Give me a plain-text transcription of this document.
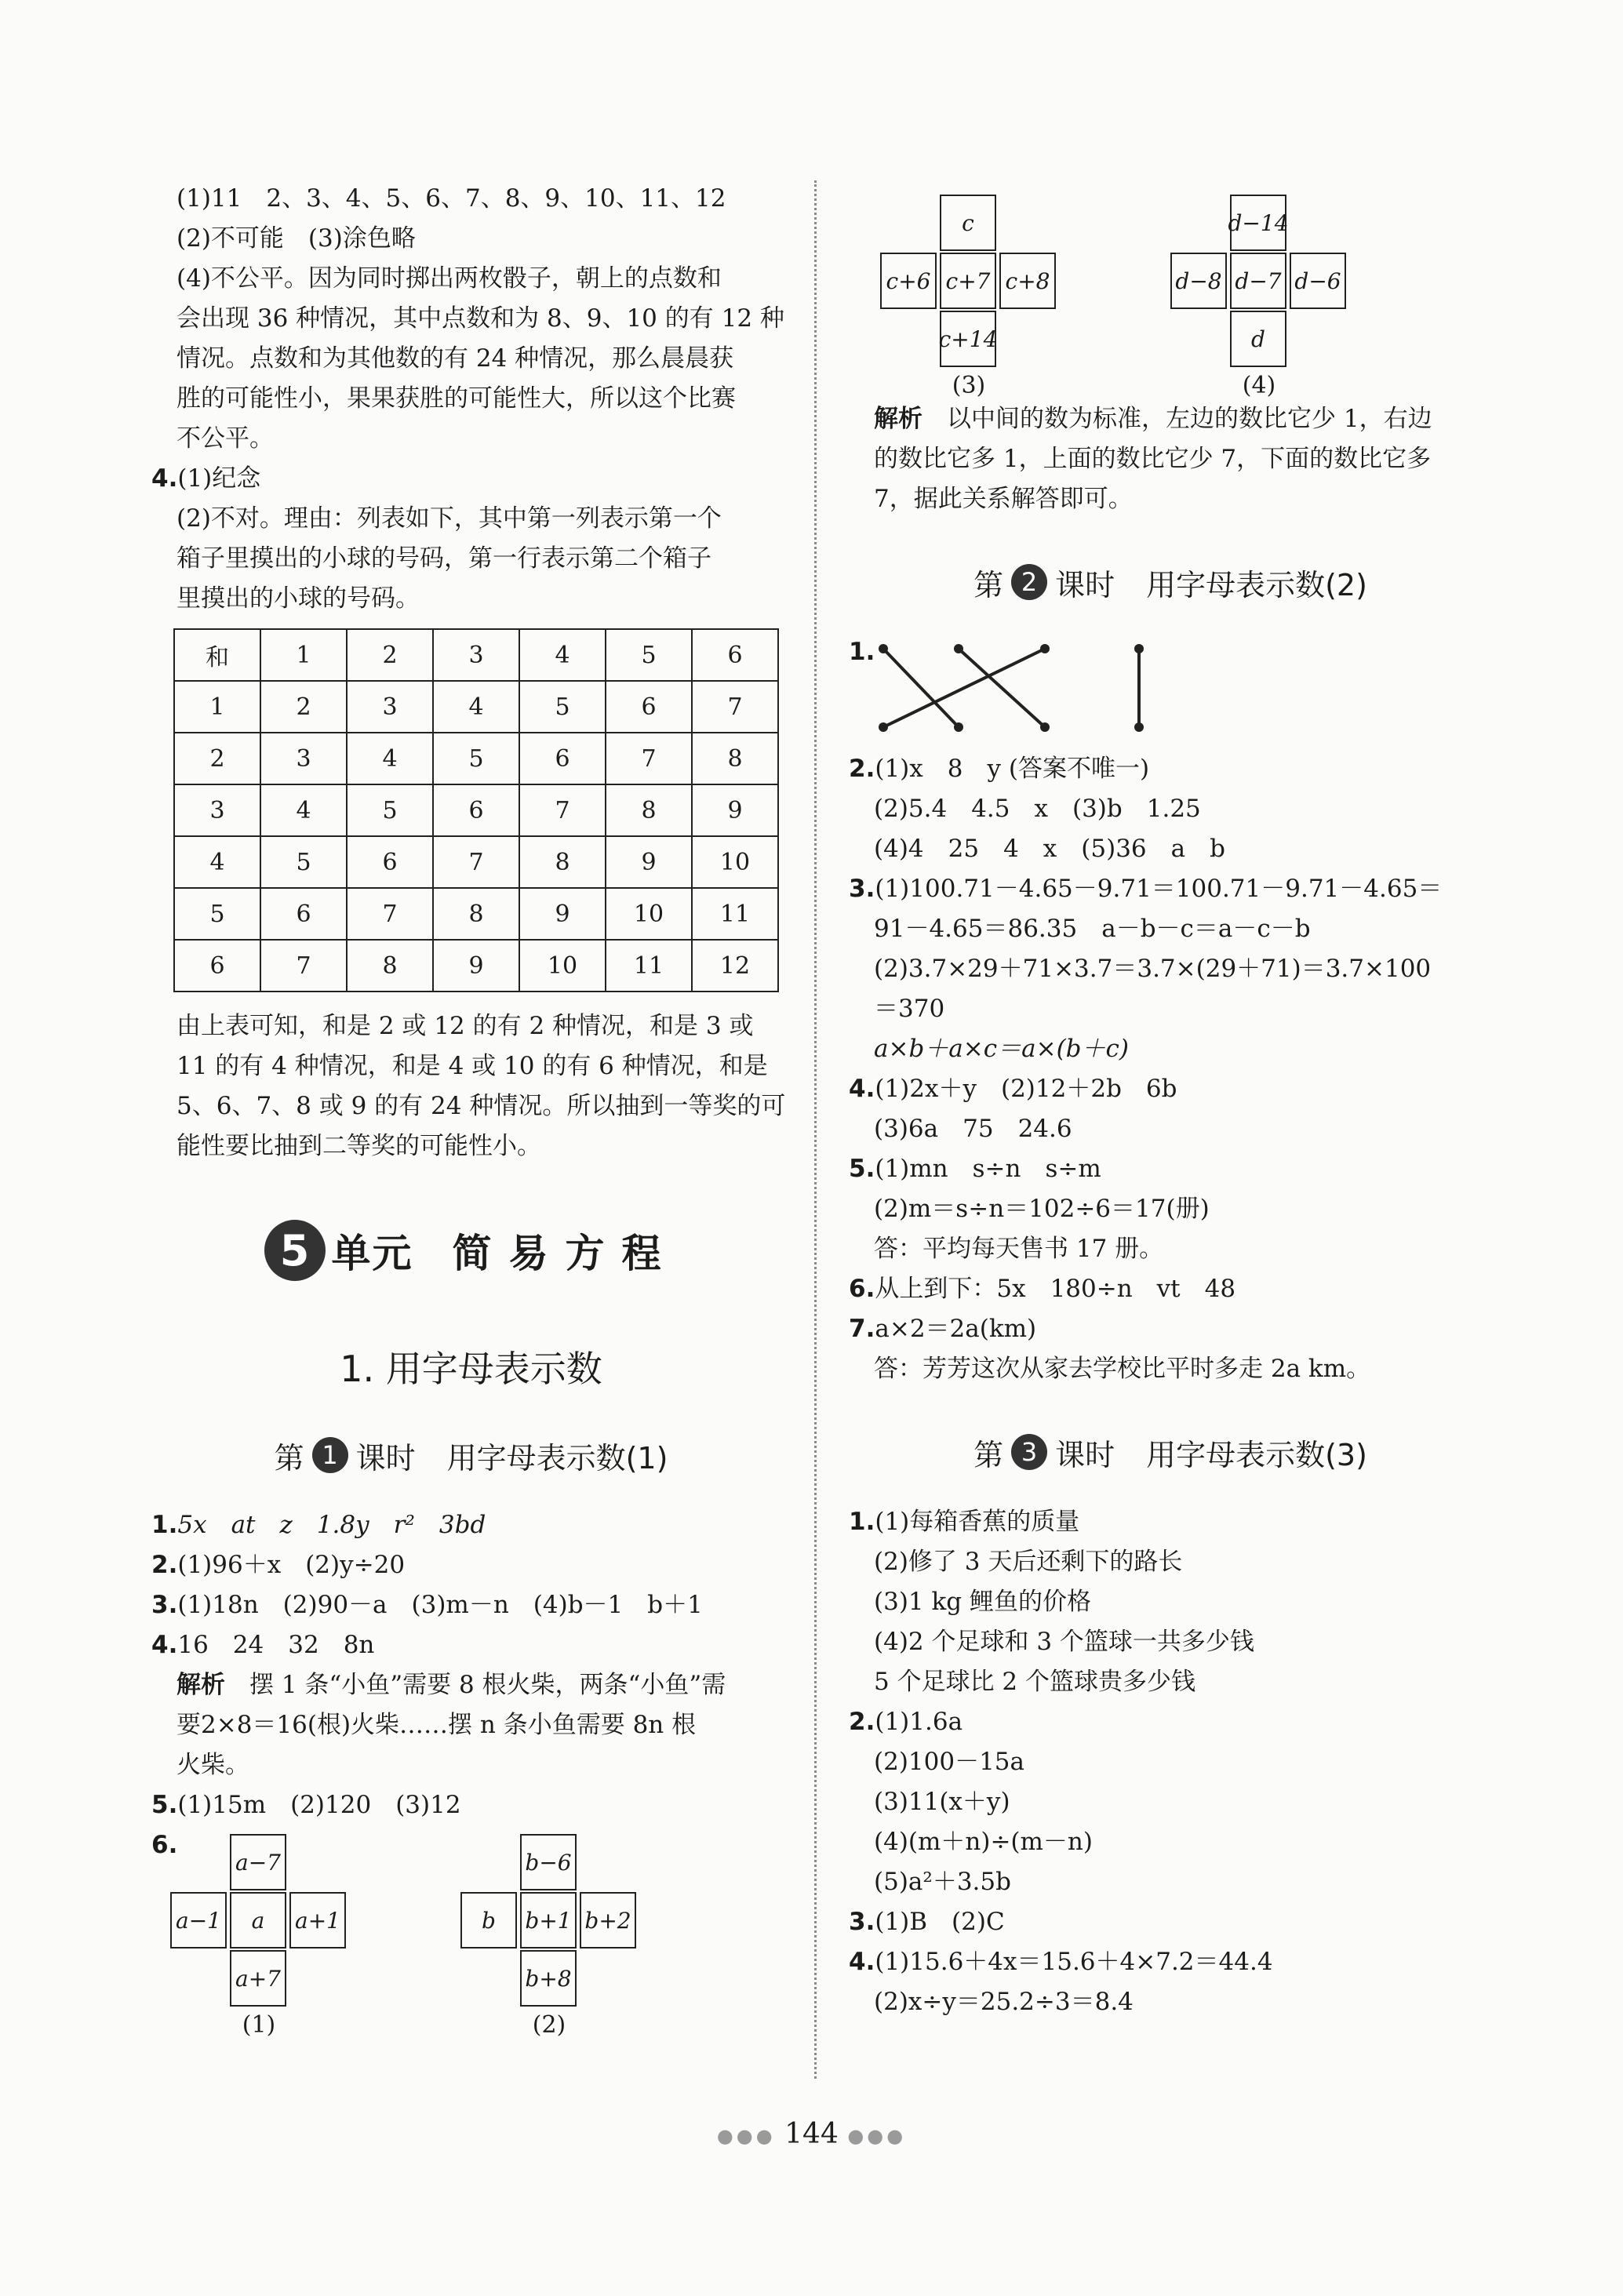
(1)11　2、3、4、5、6、7、8、9、10、11、12
(2)不可能　(3)涂色略
(4)不公平。因为同时掷出两枚骰子，朝上的点数和
会出现 36 种情况，其中点数和为 8、9、10 的有 12 种
情况。点数和为其他数的有 24 种情况，那么晨晨获
胜的可能性小，果果获胜的可能性大，所以这个比赛
不公平。
4.(1)纪念
(2)不对。理由：列表如下，其中第一列表示第一个
箱子里摸出的小球的号码，第一行表示第二个箱子
里摸出的小球的号码。
和	1	2	3	4	5	6
1	2	3	4	5	6	7
2	3	4	5	6	7	8
3	4	5	6	7	8	9
4	5	6	7	8	9	10
5	6	7	8	9	10	11
6	7	8	9	10	11	12
由上表可知，和是 2 或 12 的有 2 种情况，和是 3 或
11 的有 4 种情况，和是 4 或 10 的有 6 种情况，和是
5、6、7、8 或 9 的有 24 种情况。所以抽到一等奖的可
能性要比抽到二等奖的可能性小。
5 单元 简易方程
1. 用字母表示数
第 1 课时 用字母表示数(1)
1.5x　at　z　1.8y　r²　3bd
2.(1)96＋x　(2)y÷20
3.(1)18n　(2)90－a　(3)m－n　(4)b－1　b＋1
4.16　24　32　8n
解析　 摆 1 条“小鱼”需要 8 根火柴，两条“小鱼”需
要2×8＝16(根)火柴……摆 n 条小鱼需要 8n 根
火柴。
5.(1)15m　(2)120　(3)12
6.
a−7
a−1	a	a+1
a+7
(1)
b−6
b	b+1 b+2
b+8
(2)
c
c+6 c+7 c+8
c+14
(3)
d−14
d−8 d−7 d−6
d
(4)
解析　 以中间的数为标准，左边的数比它少 1，右边
的数比它多 1，上面的数比它少 7，下面的数比它多
7，据此关系解答即可。
第 2 课时 用字母表示数(2)
1.
2.(1)x　8　y (答案不唯一)
(2)5.4　4.5　x　(3)b　1.25
(4)4　25　4　x　(5)36　a　b
3.(1)100.71－4.65－9.71＝100.71－9.71－4.65＝
91－4.65＝86.35　a－b－c＝a－c－b
(2)3.7×29＋71×3.7＝3.7×(29＋71)＝3.7×100
＝370
a×b＋a×c＝a×(b＋c)
4.(1)2x＋y　(2)12＋2b　6b
(3)6a　75　24.6
5.(1)mn　s÷n　s÷m
(2)m＝s÷n＝102÷6＝17(册)
答：平均每天售书 17 册。
6.从上到下：5x　180÷n　vt　48
7.a×2＝2a(km)
答：芳芳这次从家去学校比平时多走 2a km。
第 3 课时 用字母表示数(3)
1.(1)每箱香蕉的质量
(2)修了 3 天后还剩下的路长
(3)1 kg 鲤鱼的价格
(4)2 个足球和 3 个篮球一共多少钱
5 个足球比 2 个篮球贵多少钱
2.(1)1.6a
(2)100－15a
(3)11(x＋y)
(4)(m＋n)÷(m－n)
(5)a²＋3.5b
3.(1)B　(2)C
4.(1)15.6＋4x＝15.6＋4×7.2＝44.4
(2)x÷y＝25.2÷3＝8.4
●●● 144 ●●●
